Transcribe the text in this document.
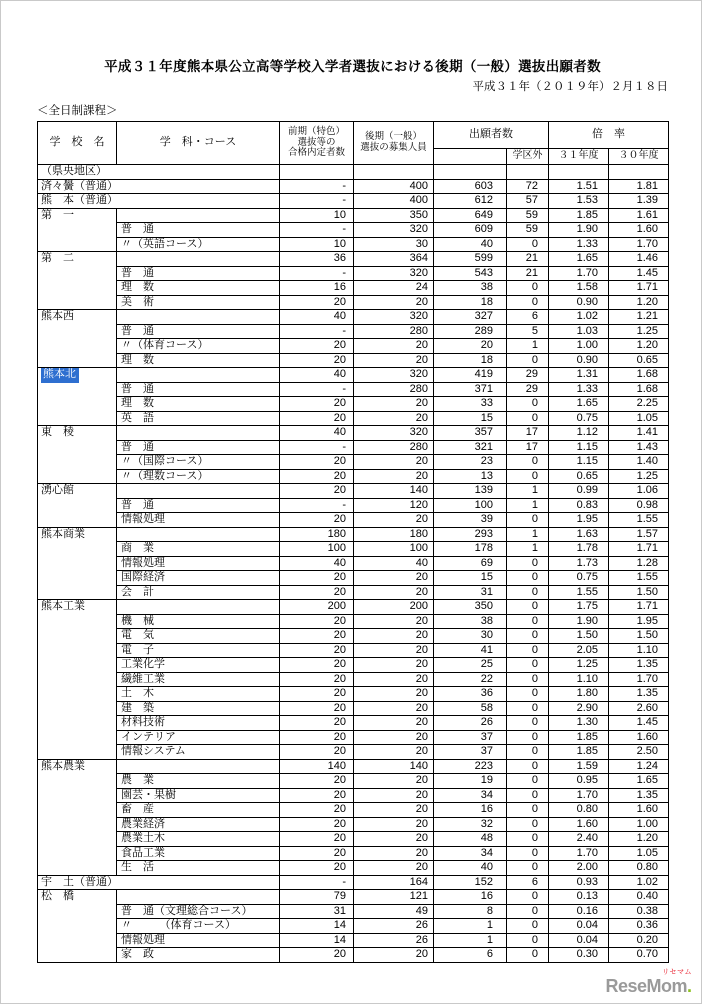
平成３１年度熊本県公立高等学校入学者選抜における後期（一般）選抜出願者数
平成３１年（２０１９年）２月１８日
＜全日制課程＞
学　校　名	学　科・コース	前期（特色）
選抜等の
合格内定者数	後期（一般）
選抜の募集人員	出願者数		倍　率	
					学区外	３１年度	３０年度
（県央地区）							
済々黌（普通）		-	400	603	72	1.51	1.81
熊　本（普通）		-	400	612	57	1.53	1.39
第　一		10	350	649	59	1.85	1.61
	普　通	-	320	609	59	1.90	1.60
	〃（英語コース）	10	30	40	0	1.33	1.70
第　二		36	364	599	21	1.65	1.46
	普　通	-	320	543	21	1.70	1.45
	理　数	16	24	38	0	1.58	1.71
	美　術	20	20	18	0	0.90	1.20
熊本西		40	320	327	6	1.02	1.21
	普　通	-	280	289	5	1.03	1.25
	〃（体育コース）	20	20	20	1	1.00	1.20
	理　数	20	20	18	0	0.90	0.65
熊本北		40	320	419	29	1.31	1.68
	普　通	-	280	371	29	1.33	1.68
	理　数	20	20	33	0	1.65	2.25
	英　語	20	20	15	0	0.75	1.05
東　稜		40	320	357	17	1.12	1.41
	普　通	-	280	321	17	1.15	1.43
	〃（国際コース）	20	20	23	0	1.15	1.40
	〃（理数コース）	20	20	13	0	0.65	1.25
湧心館		20	140	139	1	0.99	1.06
	普　通	-	120	100	1	0.83	0.98
	情報処理	20	20	39	0	1.95	1.55
熊本商業		180	180	293	1	1.63	1.57
	商　業	100	100	178	1	1.78	1.71
	情報処理	40	40	69	0	1.73	1.28
	国際経済	20	20	15	0	0.75	1.55
	会　計	20	20	31	0	1.55	1.50
熊本工業		200	200	350	0	1.75	1.71
	機　械	20	20	38	0	1.90	1.95
	電　気	20	20	30	0	1.50	1.50
	電　子	20	20	41	0	2.05	1.10
	工業化学	20	20	25	0	1.25	1.35
	繊維工業	20	20	22	0	1.10	1.70
	土　木	20	20	36	0	1.80	1.35
	建　築	20	20	58	0	2.90	2.60
	材料技術	20	20	26	0	1.30	1.45
	インテリア	20	20	37	0	1.85	1.60
	情報システム	20	20	37	0	1.85	2.50
熊本農業		140	140	223	0	1.59	1.24
	農　業	20	20	19	0	0.95	1.65
	園芸・果樹	20	20	34	0	1.70	1.35
	畜　産	20	20	16	0	0.80	1.60
	農業経済	20	20	32	0	1.60	1.00
	農業土木	20	20	48	0	2.40	1.20
	食品工業	20	20	34	0	1.70	1.05
	生　活	20	20	40	0	2.00	0.80
宇　土（普通）		-	164	152	6	0.93	1.02
松　橋		79	121	16	0	0.13	0.40
	普　通（文理総合コース）	31	49	8	0	0.16	0.38
	〃　　　（体育コース）	14	26	1	0	0.04	0.36
	情報処理	14	26	1	0	0.04	0.20
	家　政	20	20	6	0	0.30	0.70
リセマム
ReseMom.
